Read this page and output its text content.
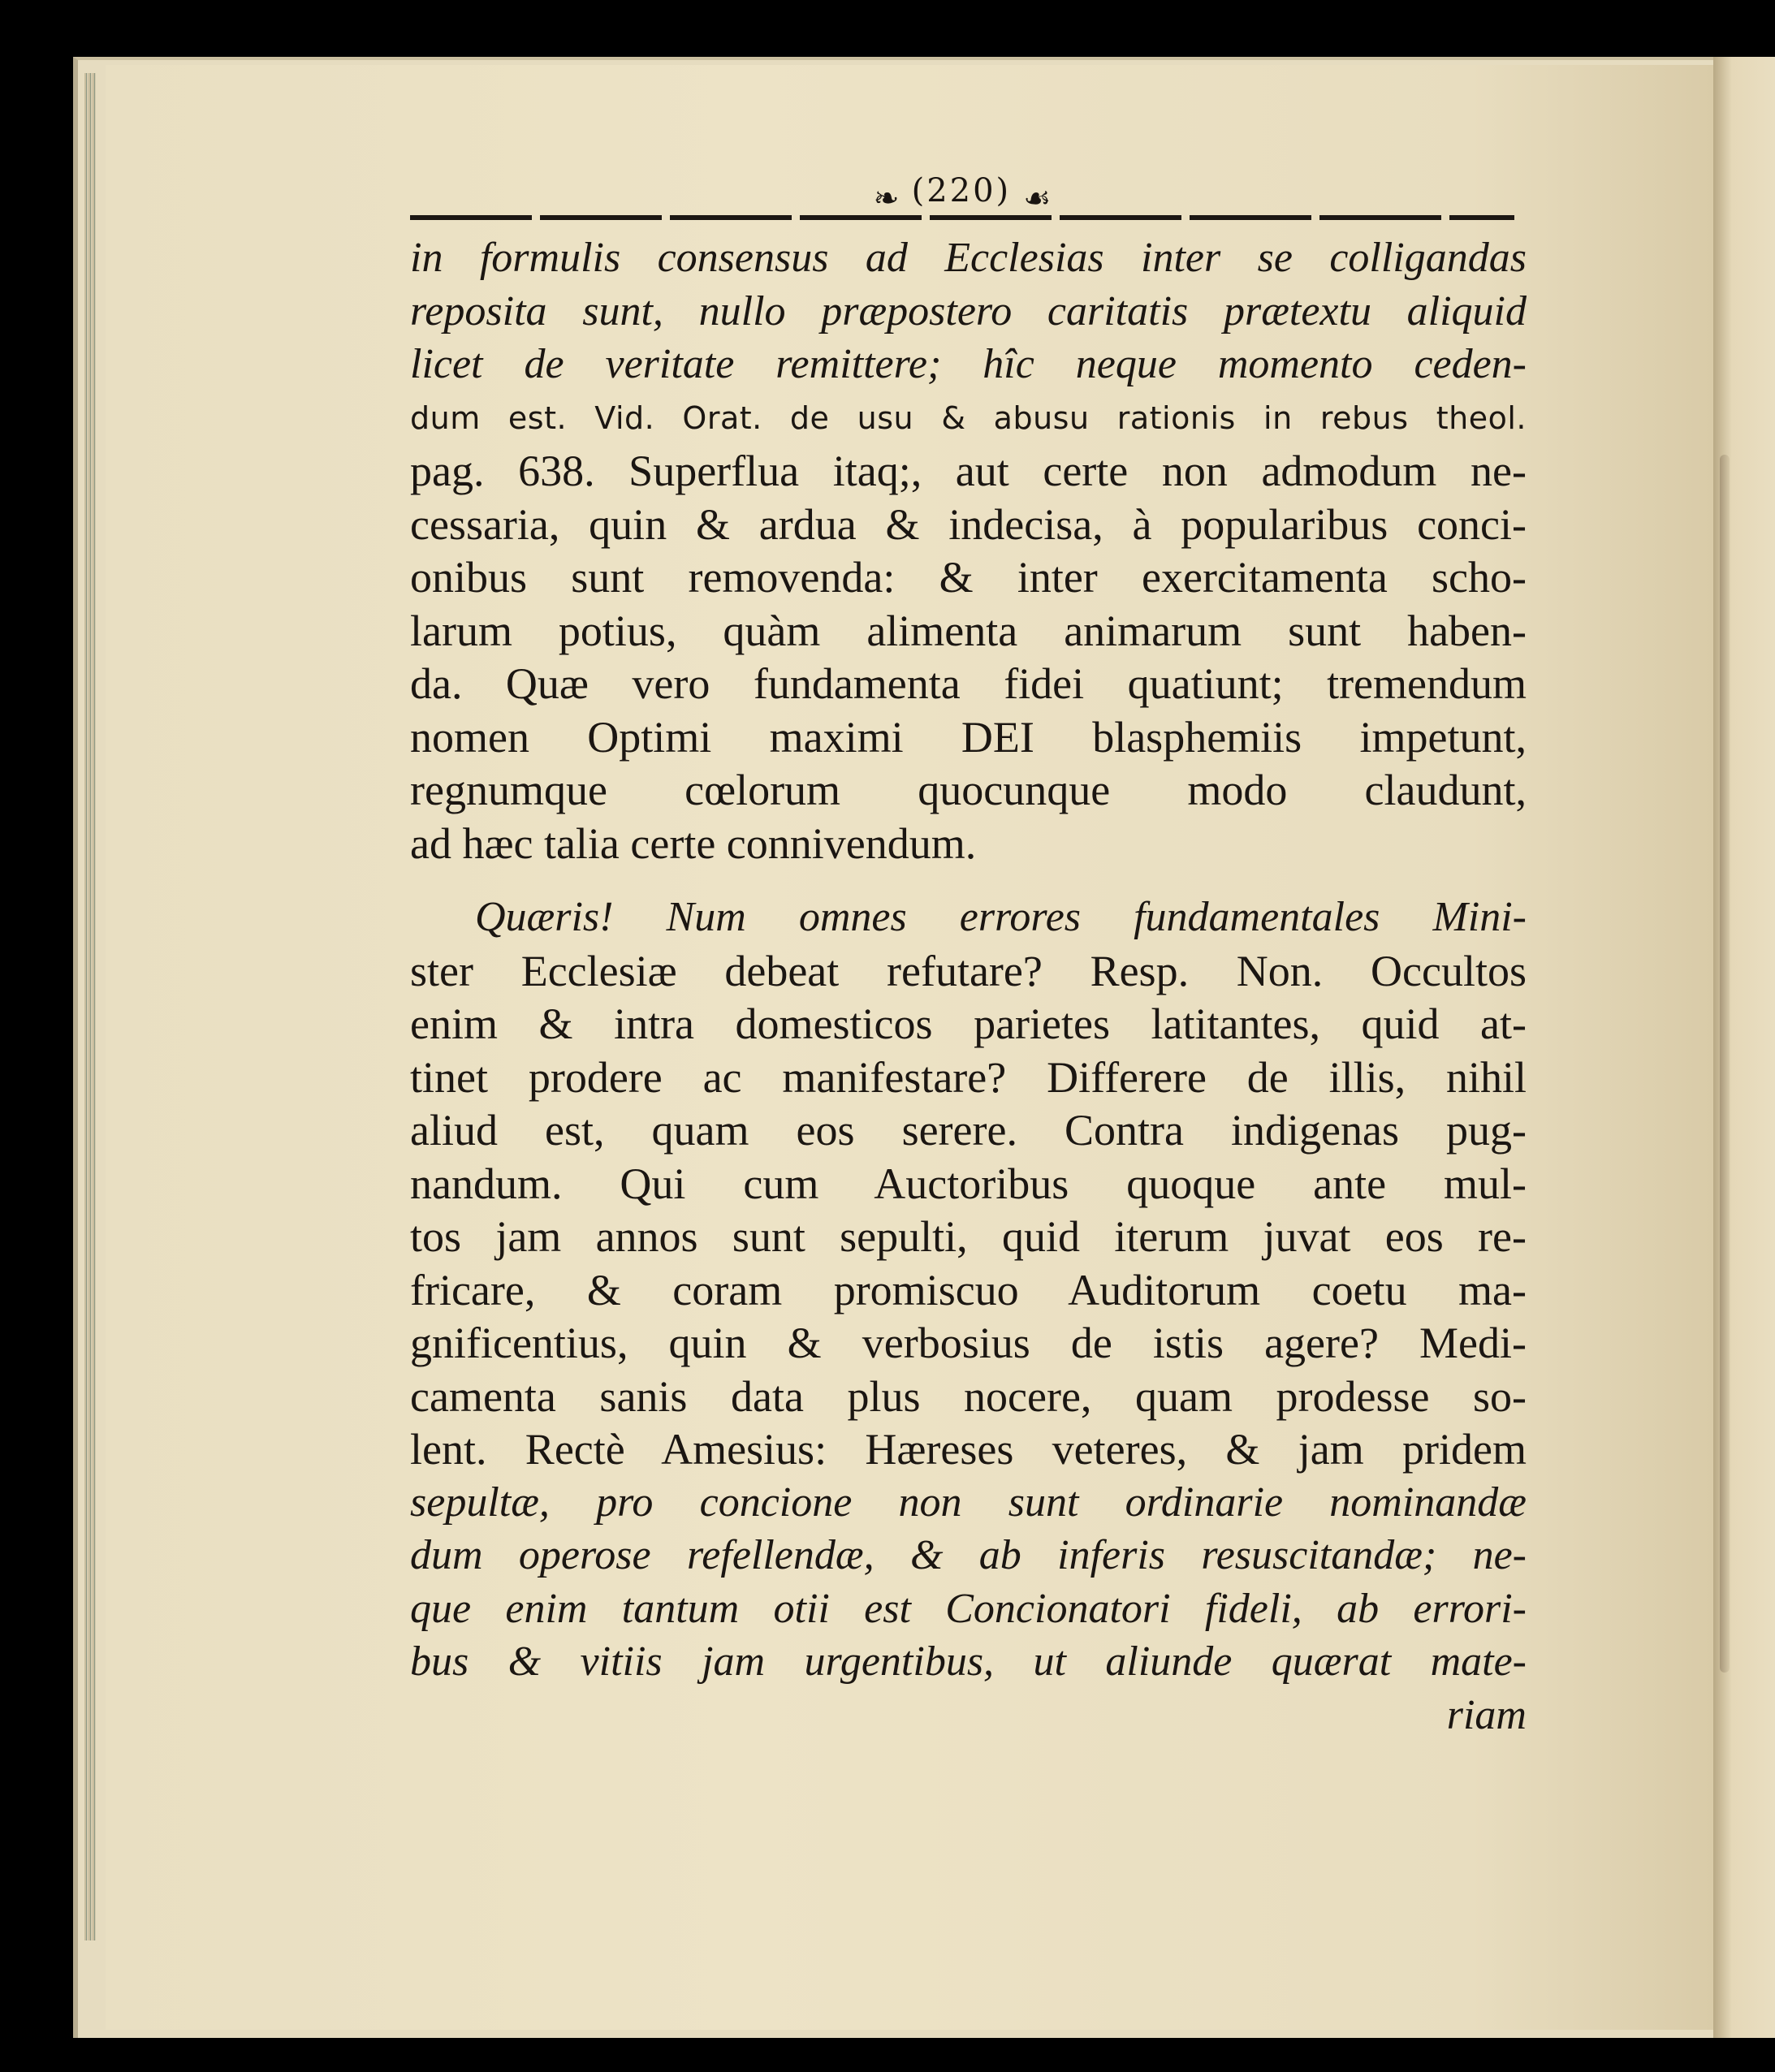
❧ (220) ☙
in formulis consensus ad Ecclesias inter se colligandas
reposita sunt, nullo præpostero caritatis prætextu aliquid
licet de veritate remittere; hîc neque momento ceden-
dum est. Vid. Orat. de usu & abusu rationis in rebus theol.
pag. 638. Superflua itaq;, aut certe non admodum ne-
cessaria, quin & ardua & indecisa, à popularibus conci-
onibus sunt removenda: & inter exercitamenta scho-
larum potius, quàm alimenta animarum sunt haben-
da. Quæ vero fundamenta fidei quatiunt; tremendum
nomen Optimi maximi DEI blasphemiis impetunt,
regnumque cœlorum quocunque modo claudunt,
ad hæc talia certe connivendum.
Quæris! Num omnes errores fundamentales Mini-
ster Ecclesiæ debeat refutare? Resp. Non. Occultos
enim & intra domesticos parietes latitantes, quid at-
tinet prodere ac manifestare? Differere de illis, nihil
aliud est, quam eos serere. Contra indigenas pug-
nandum. Qui cum Auctoribus quoque ante mul-
tos jam annos sunt sepulti, quid iterum juvat eos re-
fricare, & coram promiscuo Auditorum coetu ma-
gnificentius, quin & verbosius de istis agere? Medi-
camenta sanis data plus nocere, quam prodesse so-
lent. Rectè Amesius: Hæreses veteres, & jam pridem
sepultæ, pro concione non sunt ordinarie nominandæ
dum operose refellendæ, & ab inferis resuscitandæ; ne-
que enim tantum otii est Concionatori fideli, ab errori-
bus & vitiis jam urgentibus, ut aliunde quærat mate-
riam
